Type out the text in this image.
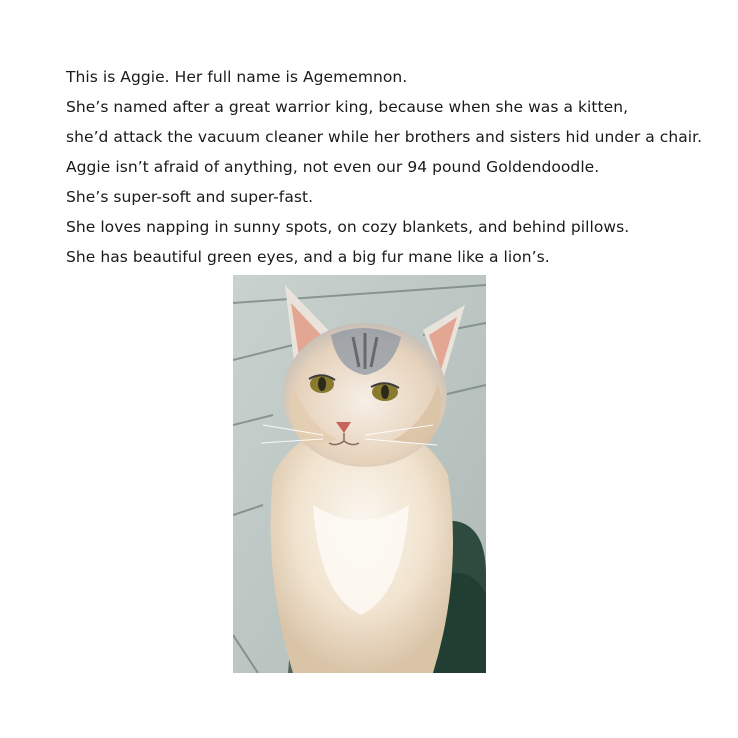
This is Aggie. Her full name is Agememnon.
She’s named after a great warrior king, because when she was a kitten,
she’d attack the vacuum cleaner while her brothers and sisters hid under a chair.
Aggie isn’t afraid of anything, not even our 94 pound Goldendoodle.
She’s super-soft and super-fast.
She loves napping in sunny spots, on cozy blankets, and behind pillows.
She has beautiful green eyes, and a big fur mane like a lion’s.
